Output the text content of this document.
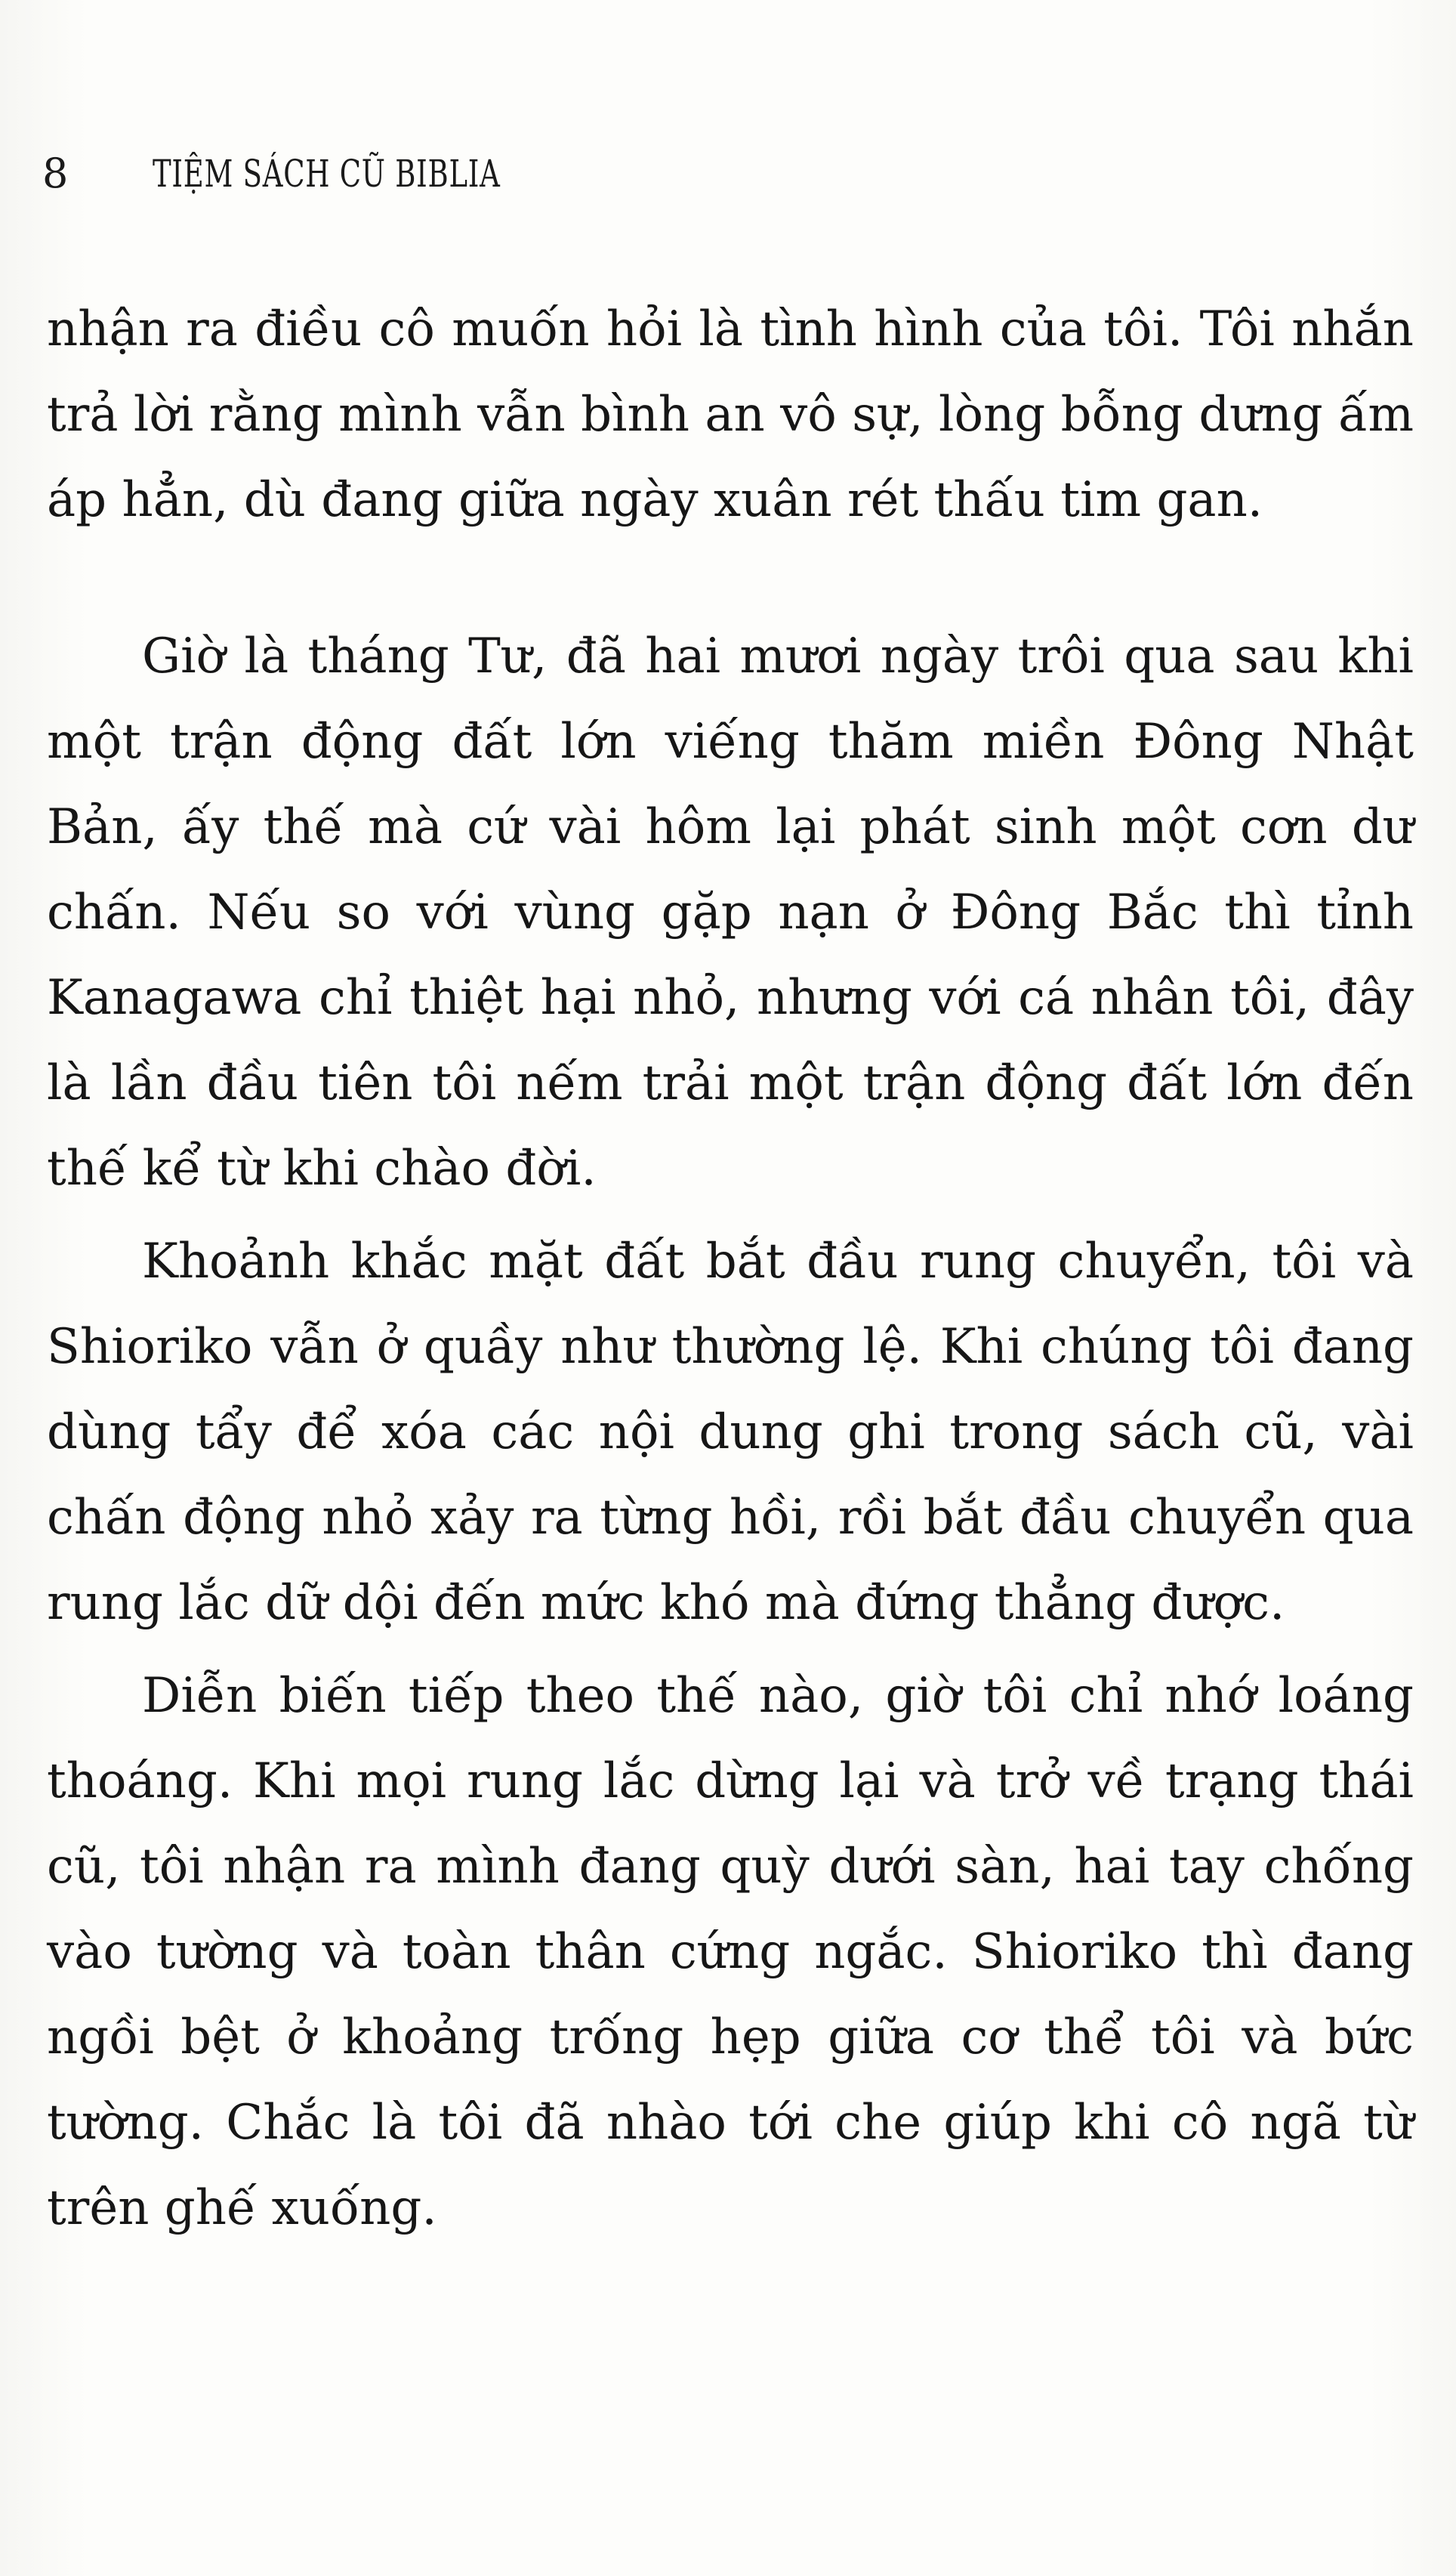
8 TIỆM SÁCH CŨ BIBLIA

nhận ra điều cô muốn hỏi là tình hình của tôi. Tôi nhắn trả lời rằng mình vẫn bình an vô sự, lòng bỗng dưng ấm áp hẳn, dù đang giữa ngày xuân rét thấu tim gan.

Giờ là tháng Tư, đã hai mươi ngày trôi qua sau khi một trận động đất lớn viếng thăm miền Đông Nhật Bản, ấy thế mà cứ vài hôm lại phát sinh một cơn dư chấn. Nếu so với vùng gặp nạn ở Đông Bắc thì tỉnh Kanagawa chỉ thiệt hại nhỏ, nhưng với cá nhân tôi, đây là lần đầu tiên tôi nếm trải một trận động đất lớn đến thế kể từ khi chào đời.

Khoảnh khắc mặt đất bắt đầu rung chuyển, tôi và Shioriko vẫn ở quầy như thường lệ. Khi chúng tôi đang dùng tẩy để xóa các nội dung ghi trong sách cũ, vài chấn động nhỏ xảy ra từng hồi, rồi bắt đầu chuyển qua rung lắc dữ dội đến mức khó mà đứng thẳng được.

Diễn biến tiếp theo thế nào, giờ tôi chỉ nhớ loáng thoáng. Khi mọi rung lắc dừng lại và trở về trạng thái cũ, tôi nhận ra mình đang quỳ dưới sàn, hai tay chống vào tường và toàn thân cứng ngắc. Shioriko thì đang ngồi bệt ở khoảng trống hẹp giữa cơ thể tôi và bức tường. Chắc là tôi đã nhào tới che giúp khi cô ngã từ trên ghế xuống.
